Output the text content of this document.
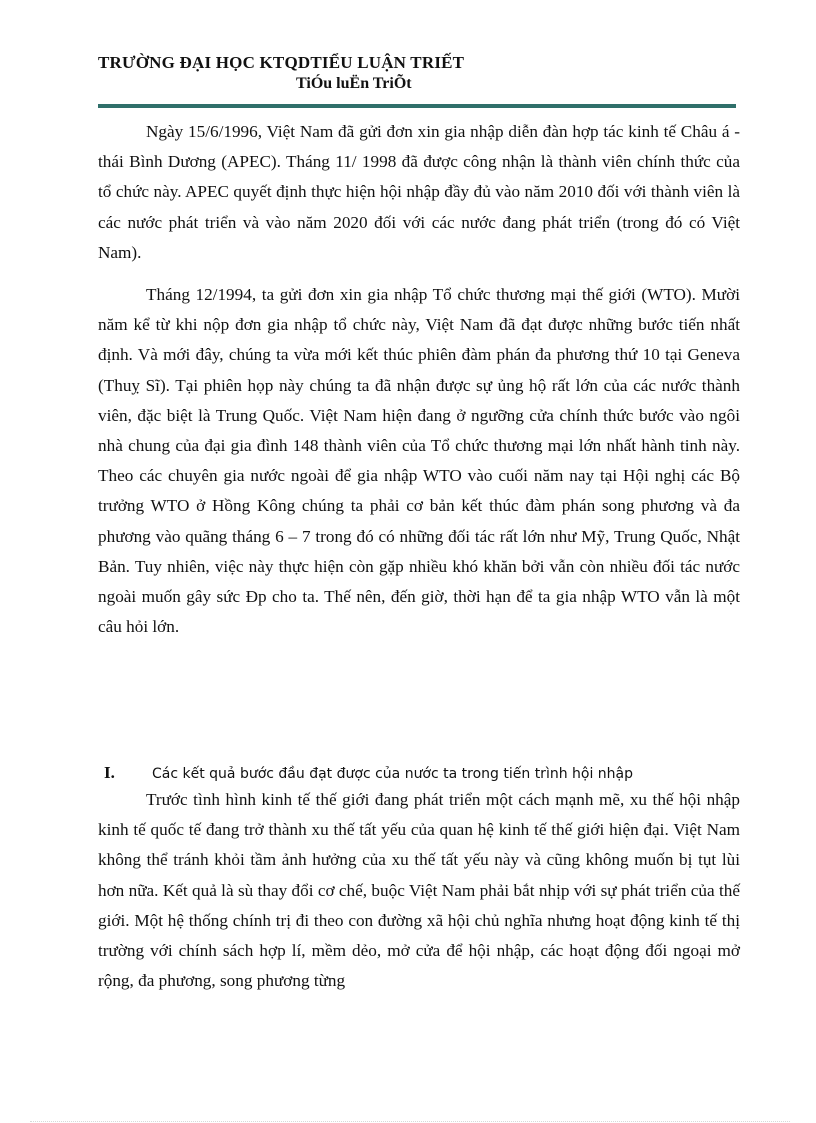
TRƯỜNG ĐẠI HỌC KTQDTIỂU LUẬN TRIẾT

TiÓu luËn TriÕt

Ngày 15/6/1996, Việt Nam đã gửi đơn xin gia nhập diễn đàn hợp tác kinh tế Châu á - thái Bình Dương (APEC). Tháng 11/ 1998 đã được công nhận là thành viên chính thức của tổ chức này. APEC quyết định thực hiện hội nhập đầy đủ vào năm 2010 đối với thành viên là các nước phát triển và vào năm 2020 đối với các nước đang phát triển (trong đó có Việt Nam).

Tháng 12/1994, ta gửi đơn xin gia nhập Tổ chức thương mại thế giới (WTO). Mười năm kể từ khi nộp đơn gia nhập tổ chức này, Việt Nam đã đạt được những bước tiến nhất định. Và mới đây, chúng ta vừa mới kết thúc phiên đàm phán đa phương thứ 10 tại Geneva (Thuỵ Sĩ). Tại phiên họp này chúng ta đã nhận được sự ủng hộ rất lớn của các nước thành viên, đặc biệt là Trung Quốc. Việt Nam hiện đang ở ngưỡng cửa chính thức bước vào ngôi nhà chung của đại gia đình 148 thành viên của Tổ chức thương mại lớn nhất hành tinh này. Theo các chuyên gia nước ngoài để gia nhập WTO vào cuối năm nay tại Hội nghị các Bộ trưởng WTO ở Hồng Kông chúng ta phải cơ bản kết thúc đàm phán song phương và đa phương vào quãng tháng 6 – 7 trong đó có những đối tác rất lớn như Mỹ, Trung Quốc, Nhật Bản. Tuy nhiên, việc này thực hiện còn gặp nhiều khó khăn bởi vẫn còn nhiều đối tác nước ngoài muốn gây sức Ðp cho ta. Thế nên, đến giờ, thời hạn để ta gia nhập WTO vẫn là một câu hỏi lớn.

I.	Các kết quả bước đầu đạt được của nước ta trong tiến trình hội nhập

Trước tình hình kinh tế thế giới đang phát triển một cách mạnh mẽ, xu thế hội nhập kinh tế quốc tế đang trở thành xu thế tất yếu của quan hệ kinh tế thế giới hiện đại. Việt Nam không thể tránh khỏi tầm ảnh hưởng của xu thế tất yếu này và cũng không muốn bị tụt lùi hơn nữa. Kết quả là sù thay đổi cơ chế, buộc Việt Nam phải bắt nhịp với sự phát triển của thế giới. Một hệ thống chính trị đi theo con đường xã hội chủ nghĩa nhưng hoạt động kinh tế thị trường với chính sách hợp lí, mềm dẻo, mở cửa để hội nhập, các hoạt động đối ngoại mở rộng, đa phương, song phương từng
